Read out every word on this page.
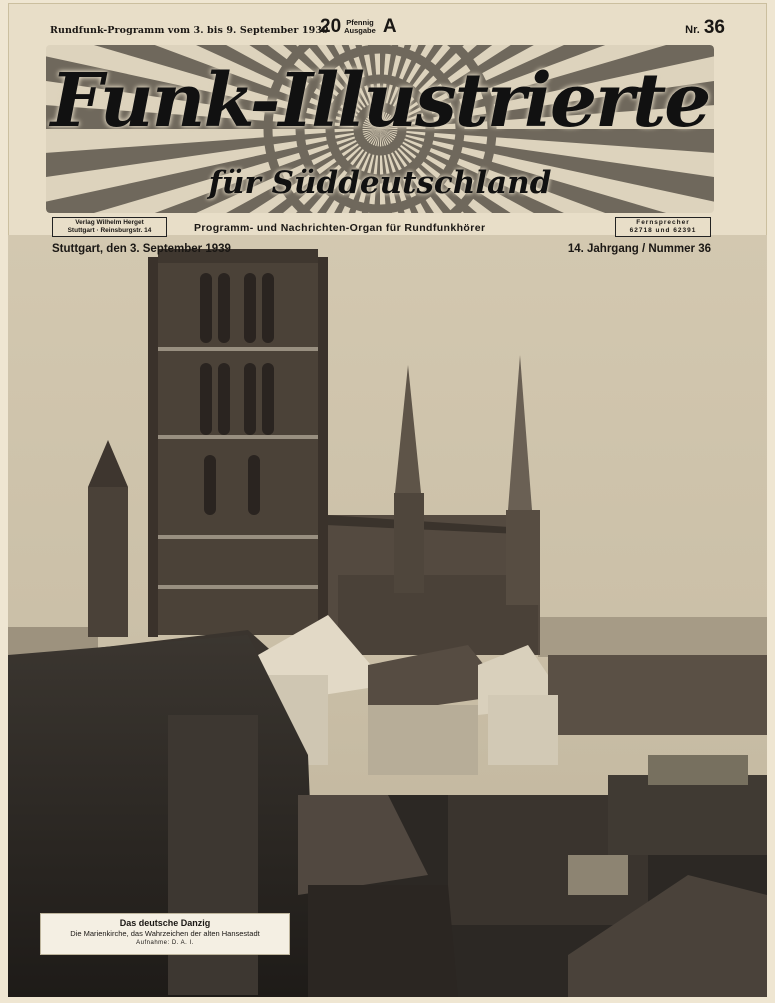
Rundfunk-Programm vom 3. bis 9. September 1939
20 Pfennig
Ausgabe A	Nr. 36
Funk-Illustrierte
für Süddeutschland
Verlag Wilhelm Herget
Stuttgart · Reinsburgstr. 14	Programm- und Nachrichten-Organ für Rundfunkhörer	Fernsprecher
62718 und 62391
Stuttgart, den 3. September 1939	14. Jahrgang / Nummer 36
Das deutsche Danzig
Die Marienkirche, das Wahrzeichen der alten Hansestadt
Aufnahme: D. A. I.
